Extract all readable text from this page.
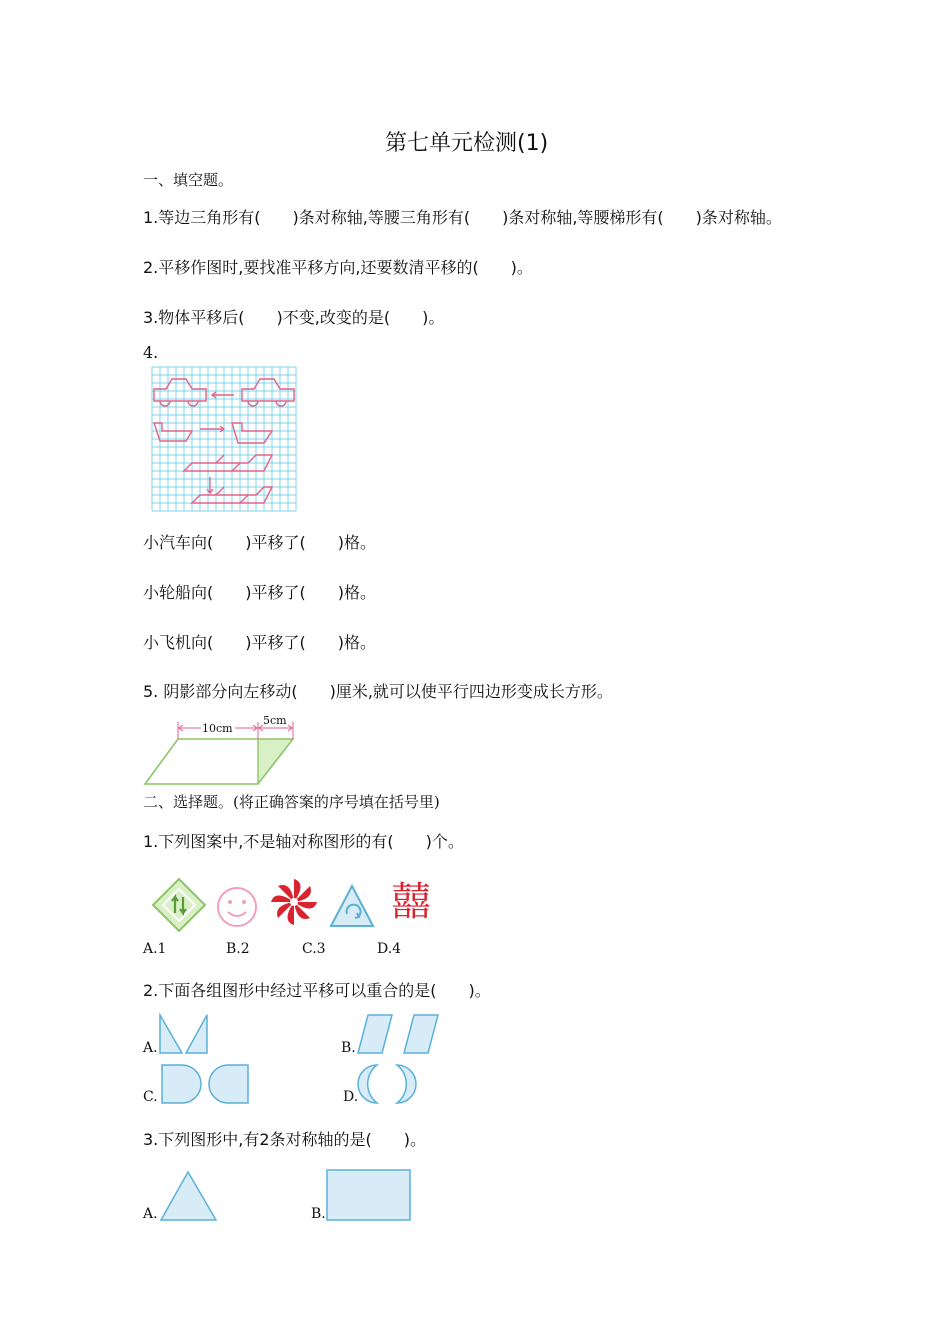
第七单元检测(1)
一、填空题。
1.等边三角形有(　　)条对称轴,等腰三角形有(　　)条对称轴,等腰梯形有(　　)条对称轴。
2.平移作图时,要找准平移方向,还要数清平移的(　　)。
3.物体平移后(　　)不变,改变的是(　　)。
4.
小汽车向(　　)平移了(　　)格。
小轮船向(　　)平移了(　　)格。
小飞机向(　　)平移了(　　)格。
5. 阴影部分向左移动(　　)厘米,就可以使平行四边形变成长方形。
10cm
5cm
二、选择题。(将正确答案的序号填在括号里)
1.下列图案中,不是轴对称图形的有(　　)个。
囍
A.1	B.2	C.3	D.4
2.下面各组图形中经过平移可以重合的是(　　)。
A.	B.
C.	D.
3.下列图形中,有2条对称轴的是(　　)。
A.	B.
